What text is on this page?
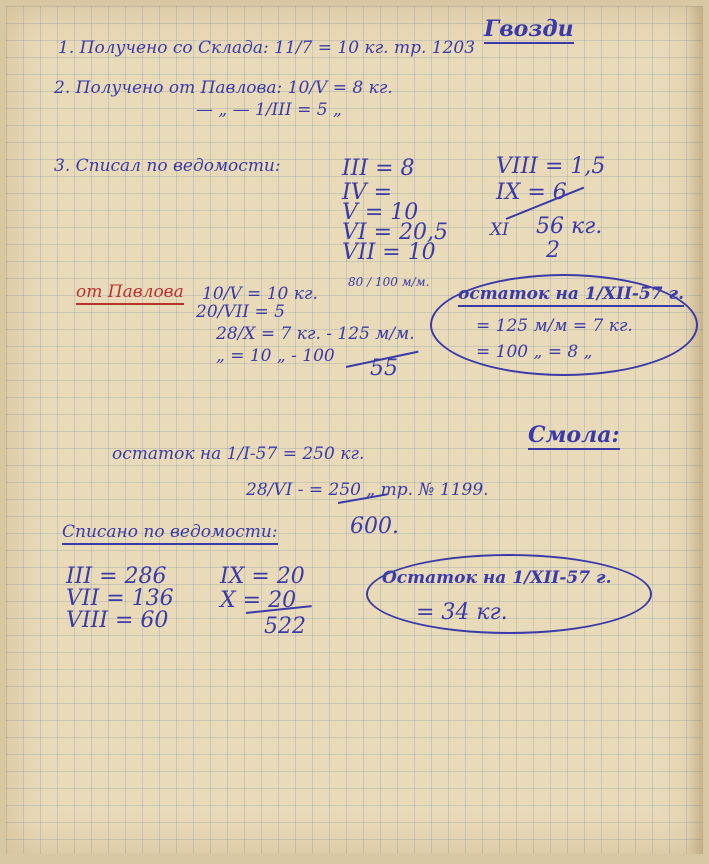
Гвозди
1. Получено со Склада: 11/7 = 10 кг. тр. 1203
2. Получено от Павлова: 10/V = 8 кг.
— „ — 1/III = 5 „
3. Списал по ведомости:	III = 8
IV =
V = 10
VI = 20,5
VII = 10
VIII = 1,5
IX = 6
XI 56 кг.
2
от Павлова 10/V = 10 кг.
80 / 100 м/м.
20/VII = 5
28/X = 7 кг. - 125 м/м.
„ = 10 „ - 100 55
остаток на 1/XII-57 г.
= 125 м/м = 7 кг.
= 100 „ = 8 „
Смола:
остаток на 1/I-57 = 250 кг.
28/VI - = 250 „ тр. № 1199.
600.
Списано по ведомости:
III = 286
VII = 136
VIII = 60
IX = 20
X = 20
522
Остаток на 1/XII-57 г.
= 34 кг.
